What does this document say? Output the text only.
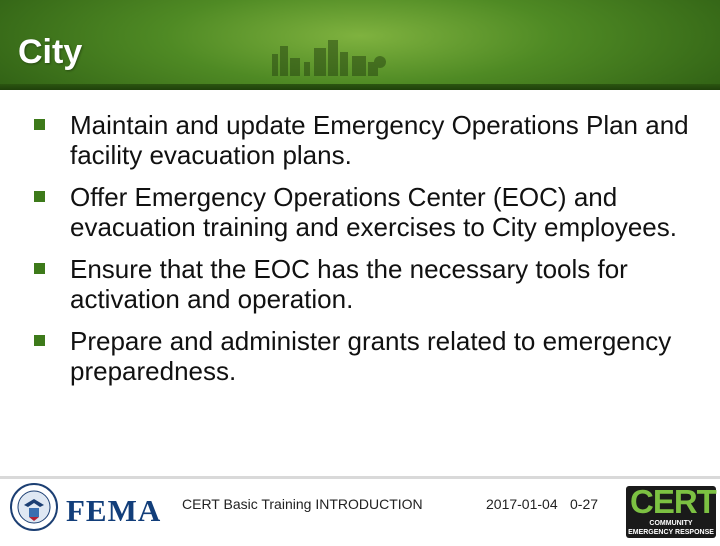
City
Maintain and update Emergency Operations Plan and facility evacuation plans.
Offer Emergency Operations Center (EOC) and evacuation training and exercises to City employees.
Ensure that the EOC has the necessary tools for activation and operation.
Prepare and administer grants related to emergency preparedness.
FEMA CERT Basic Training INTRODUCTION	2017-01-04 0-27 CERT
COMMUNITY EMERGENCY RESPONSE TEAM
